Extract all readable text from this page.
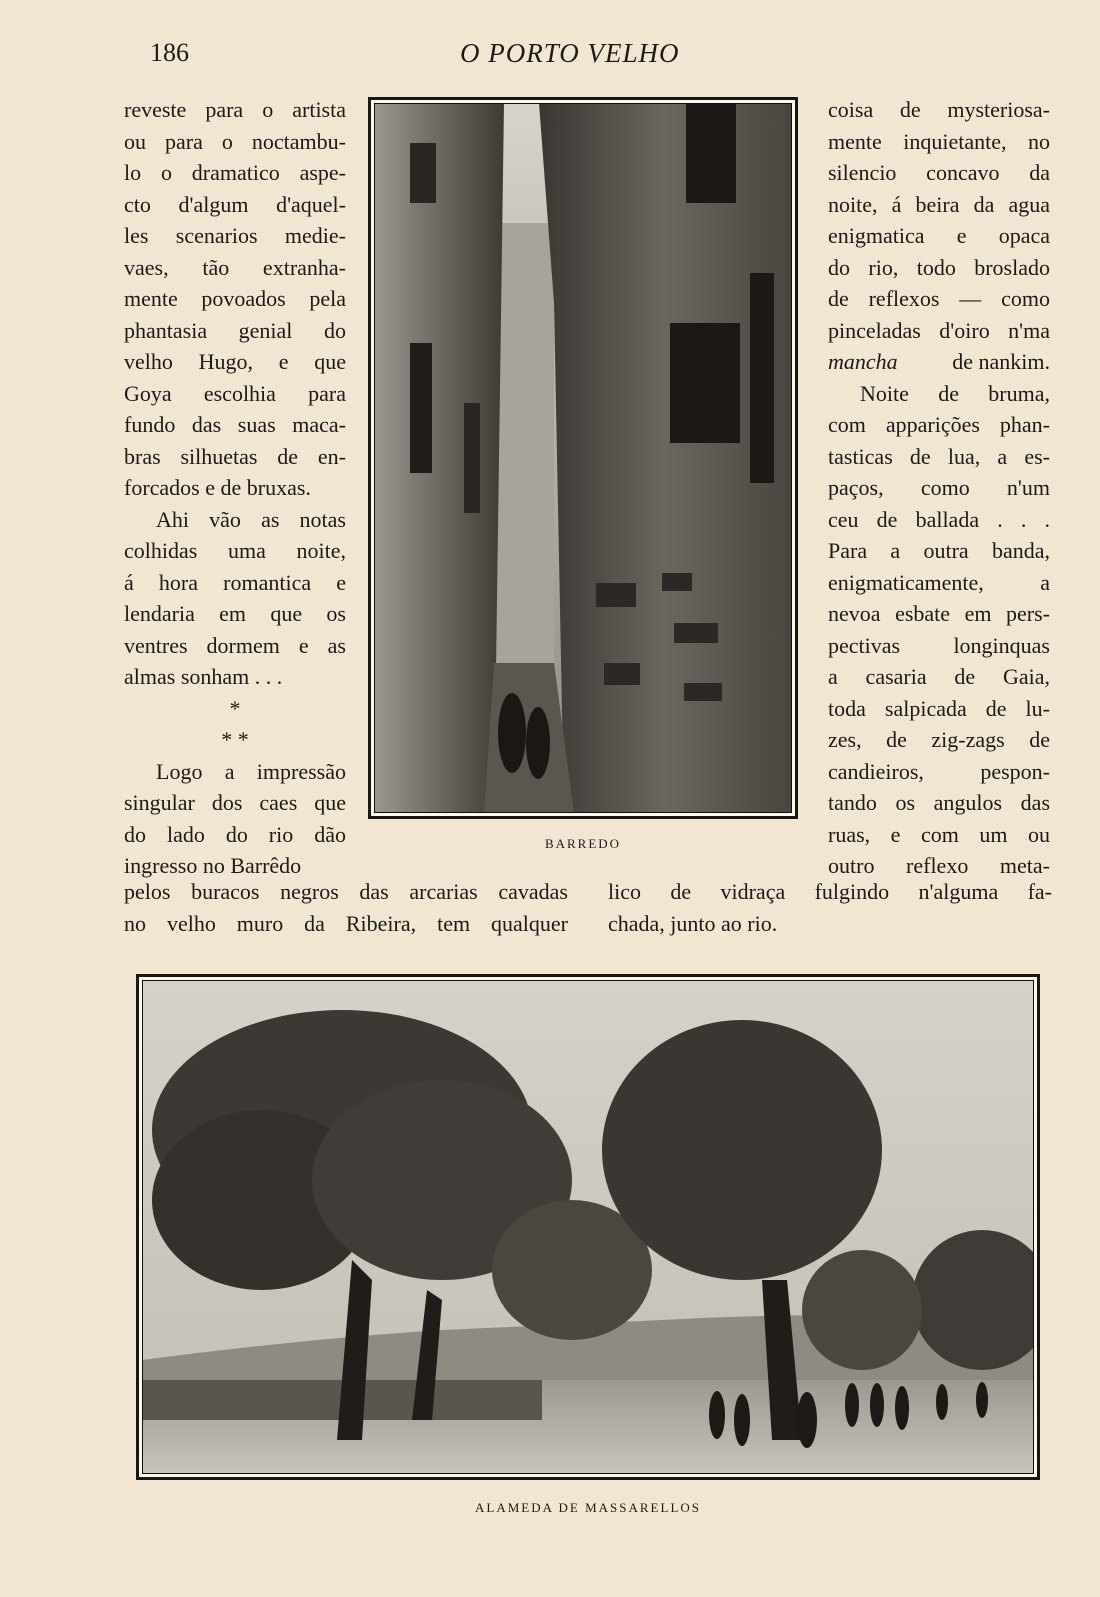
186	O PORTO VELHO

reveste para o artista

ou para o noctambu-

lo o dramatico aspe-

cto d'algum d'aquel-

les scenarios medie-

vaes, tão extranha-

mente povoados pela

phantasia genial do

velho Hugo, e que

Goya escolhia para

fundo das suas maca-

bras silhuetas de en-

forcados e de bruxas.

Ahi vão as notas

colhidas uma noite,

á hora romantica e

lendaria em que os

ventres dormem e as

almas sonham . . .

*

* *

Logo a impressão

singular dos caes que

do lado do rio dão

ingresso no Barrêdo

BARREDO

coisa de mysteriosa-

mente inquietante, no

silencio concavo da

noite, á beira da agua

enigmatica e opaca

do rio, todo broslado

de reflexos — como

pinceladas d'oiro n'ma

mancha de nankim.

Noite de bruma,

com apparições phan-

tasticas de lua, a es-

paços, como n'um

ceu de ballada . . .

Para a outra banda,

enigmaticamente, a

nevoa esbate em pers-

pectivas longinquas

a casaria de Gaia,

toda salpicada de lu-

zes, de zig-zags de

candieiros, pespon-

tando os angulos das

ruas, e com um ou

outro reflexo meta-

pelos buracos negros das arcarias cavadas

no velho muro da Ribeira, tem qualquer

lico de vidraça fulgindo n'alguma fa-

chada, junto ao rio.

ALAMEDA DE MASSARELLOS
